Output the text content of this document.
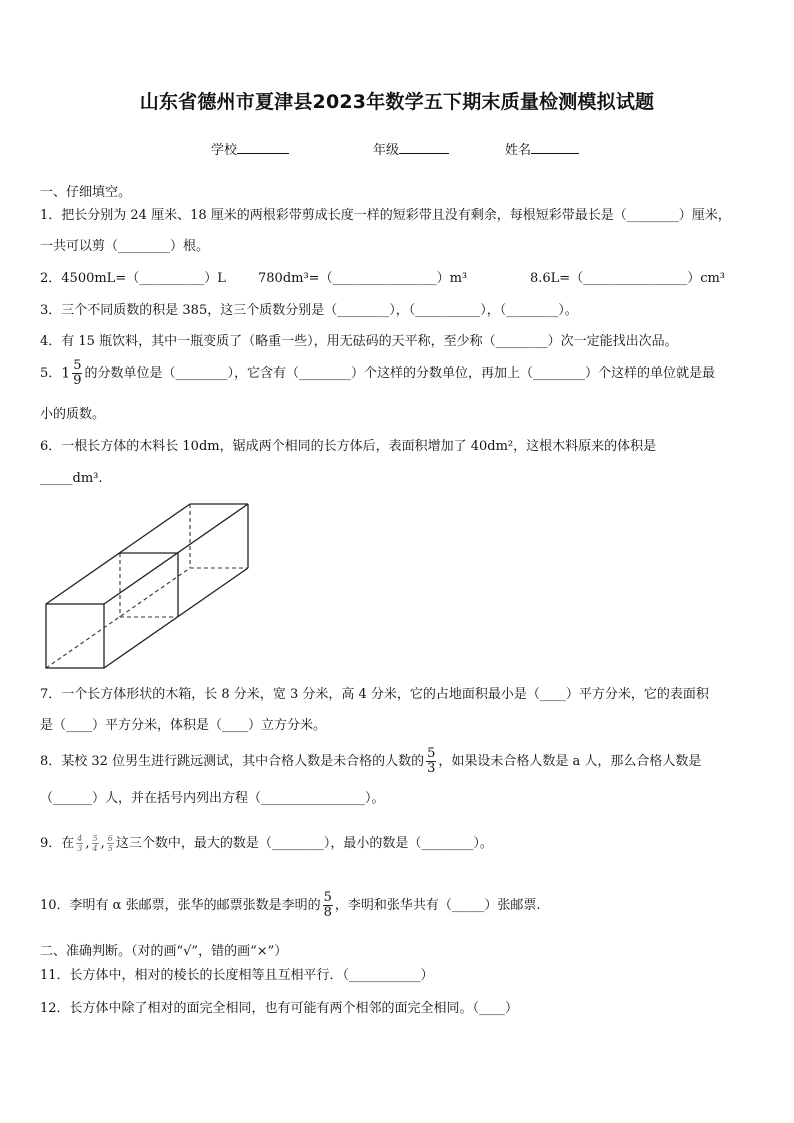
山东省德州市夏津县2023年数学五下期末质量检测模拟试题
学校	年级	姓名
一、仔细填空。
1．把长分别为 24 厘米、18 厘米的两根彩带剪成长度一样的短彩带且没有剩余，每根短彩带最长是（________）厘米，
一共可以剪（________）根。
2．4500mL=（__________）L 780dm³=（________________）m³	8.6L=（________________）cm³
3．三个不同质数的积是 385，这三个质数分别是（________），（__________），（________）。
4．有 15 瓶饮料，其中一瓶变质了（略重一些），用无砝码的天平称，至少称（________）次一定能找出次品。
5．$1 \frac{5}{9}$ 的分数单位是（________），它含有（________）个这样的分数单位，再加上（________）个这样的单位就是最
小的质数。
6．一根长方体的木料长 10dm，锯成两个相同的长方体后，表面积增加了 40dm²，这根木料原来的体积是
_____dm³.
7．一个长方体形状的木箱，长 8 分米，宽 3 分米，高 4 分米，它的占地面积最小是（____）平方分米，它的表面积
是（____）平方分米，体积是（____）立方分米。
8．某校 32 位男生进行跳远测试，其中合格人数是未合格的人数的 $\frac{5}{3}$ ，如果设未合格人数是 a 人，那么合格人数是
（______）人，并在括号内列出方程（________________）。
9．在 $\frac{4}{3}$ , $\frac{5}{4}$ , $\frac{6}{5}$ 这三个数中，最大的数是（________），最小的数是（________）。
10．李明有 α 张邮票，张华的邮票张数是李明的 $\frac{5}{8}$ ，李明和张华共有（_____）张邮票.
二、准确判断。（对的画“√”，错的画“×”）
11．长方体中，相对的棱长的长度相等且互相平行．（___________）
12．长方体中除了相对的面完全相同，也有可能有两个相邻的面完全相同。（____）
